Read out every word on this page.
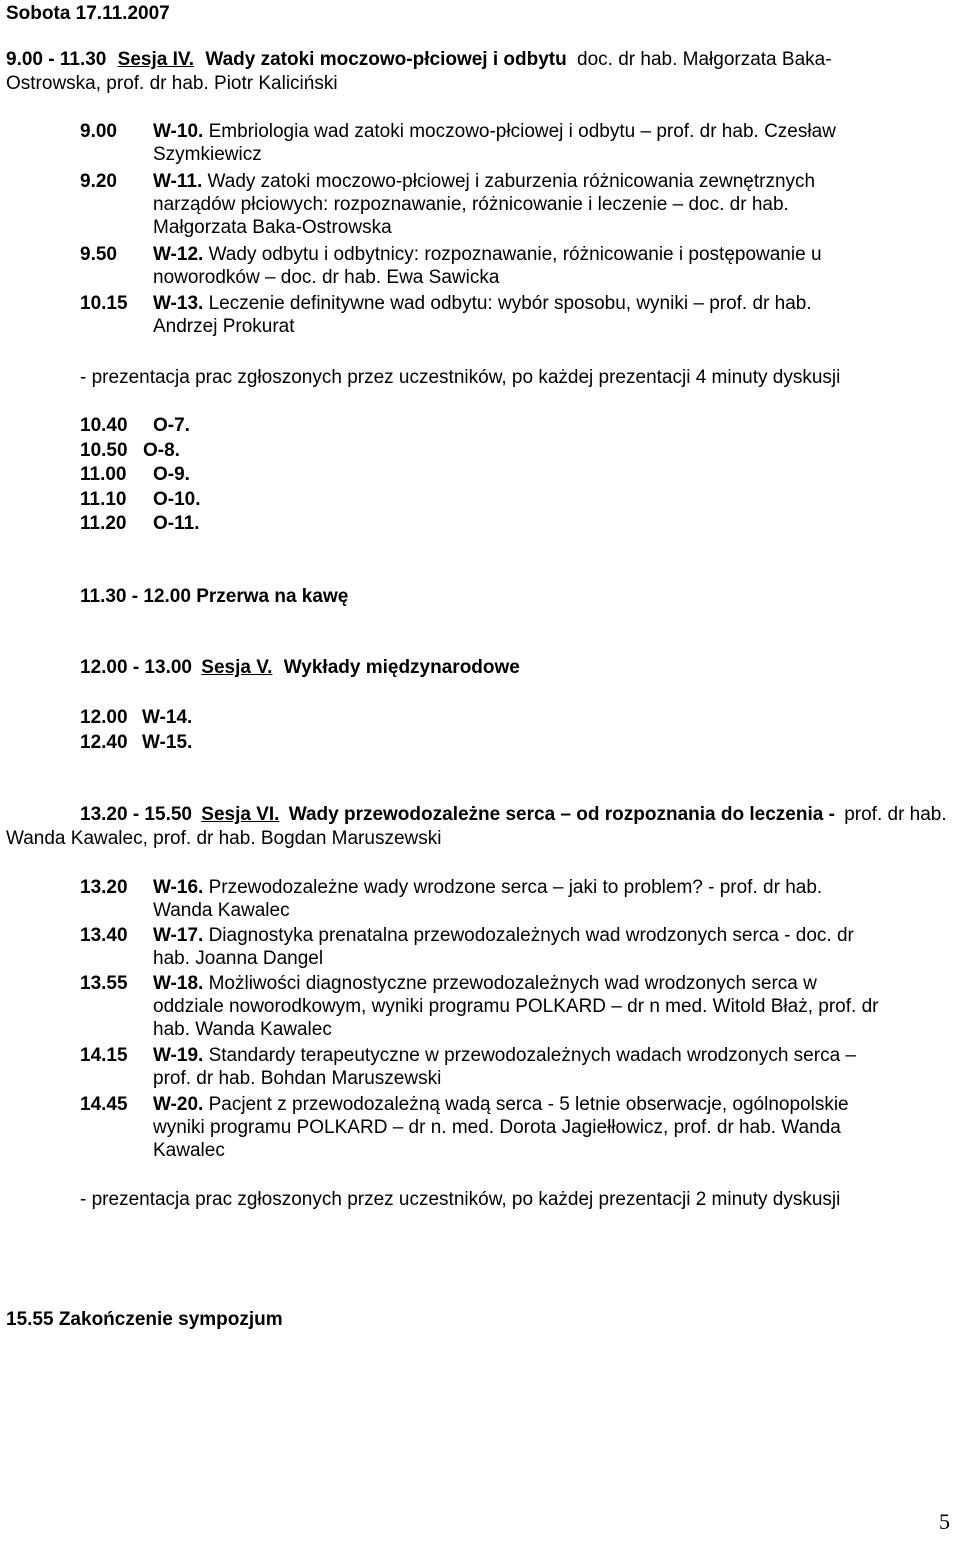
Sobota 17.11.2007
9.00 - 11.30 Sesja IV. Wady zatoki moczowo-płciowej i odbytu doc. dr hab. Małgorzata Baka-
Ostrowska, prof. dr hab. Piotr Kaliciński
9.00 W-10. Embriologia wad zatoki moczowo-płciowej i odbytu – prof. dr hab. Czesław
Szymkiewicz
9.20 W-11. Wady zatoki moczowo-płciowej i zaburzenia różnicowania zewnętrznych
narządów płciowych: rozpoznawanie, różnicowanie i leczenie – doc. dr hab.
Małgorzata Baka-Ostrowska
9.50 W-12. Wady odbytu i odbytnicy: rozpoznawanie, różnicowanie i postępowanie u
noworodków – doc. dr hab. Ewa Sawicka
10.15 W-13. Leczenie definitywne wad odbytu: wybór sposobu, wyniki – prof. dr hab.
Andrzej Prokurat
- prezentacja prac zgłoszonych przez uczestników, po każdej prezentacji 4 minuty dyskusji
10.40 O-7.
10.50 O-8.
11.00 O-9.
11.10 O-10.
11.20 O-11.
11.30 - 12.00 Przerwa na kawę
12.00 - 13.00 Sesja V. Wykłady międzynarodowe
12.00 W-14.
12.40 W-15.
13.20 - 15.50 Sesja VI. Wady przewodozależne serca – od rozpoznania do leczenia - prof. dr hab.
Wanda Kawalec, prof. dr hab. Bogdan Maruszewski
13.20 W-16. Przewodozależne wady wrodzone serca – jaki to problem? - prof. dr hab.
Wanda Kawalec
13.40 W-17. Diagnostyka prenatalna przewodozależnych wad wrodzonych serca - doc. dr
hab. Joanna Dangel
13.55 W-18. Możliwości diagnostyczne przewodozależnych wad wrodzonych serca w
oddziale noworodkowym, wyniki programu POLKARD – dr n med. Witold Błaż, prof. dr
hab. Wanda Kawalec
14.15 W-19. Standardy terapeutyczne w przewodozależnych wadach wrodzonych serca –
prof. dr hab. Bohdan Maruszewski
14.45 W-20. Pacjent z przewodozależną wadą serca - 5 letnie obserwacje, ogólnopolskie
wyniki programu POLKARD – dr n. med. Dorota Jagiełłowicz, prof. dr hab. Wanda
Kawalec
- prezentacja prac zgłoszonych przez uczestników, po każdej prezentacji 2 minuty dyskusji
15.55 Zakończenie sympozjum
5
